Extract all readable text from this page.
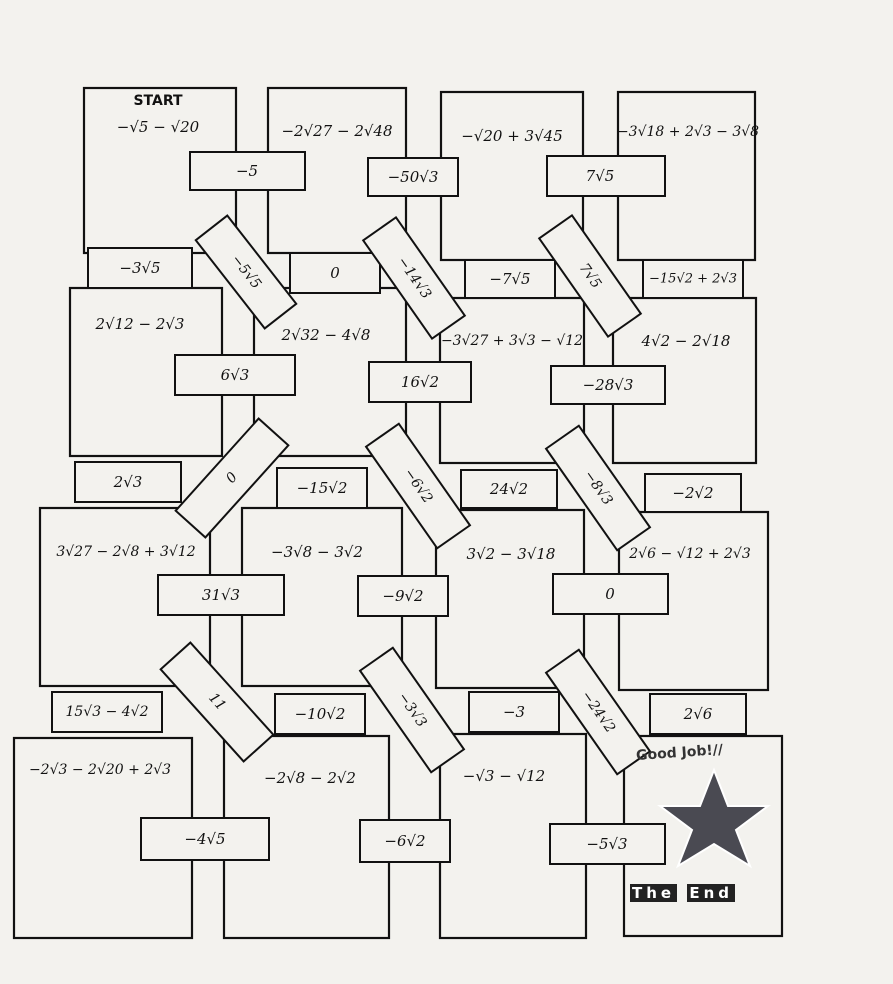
START
−√5 − √20	−2√27 − 2√48	−√20 + 3√45	−3√18 + 2√3 − 3√8
2√12 − 2√3
2√32 − 4√8	−3√27 + 3√3 − √12	4√2 − 2√18
3√27 − 2√8 + 3√12	−3√8 − 3√2	3√2 − 3√18	2√6 − √12 + 2√3
−2√3 − 2√20 + 2√3	−2√8 − 2√2	−√3 − √12
−5	−50√3	7√5
−3√5	0	−7√5	−15√2 + 2√3
6√3	16√2	−28√3
2√3	−15√2	24√2	−2√2
31√3	−9√2	0
15√3 − 4√2	−10√2	−3	2√6
−4√5	−6√2	−5√3
−5√5	−14√3	7√5
0	−6√2	−8√3
11	−3√3	−24√2
Good Job!//
The End
